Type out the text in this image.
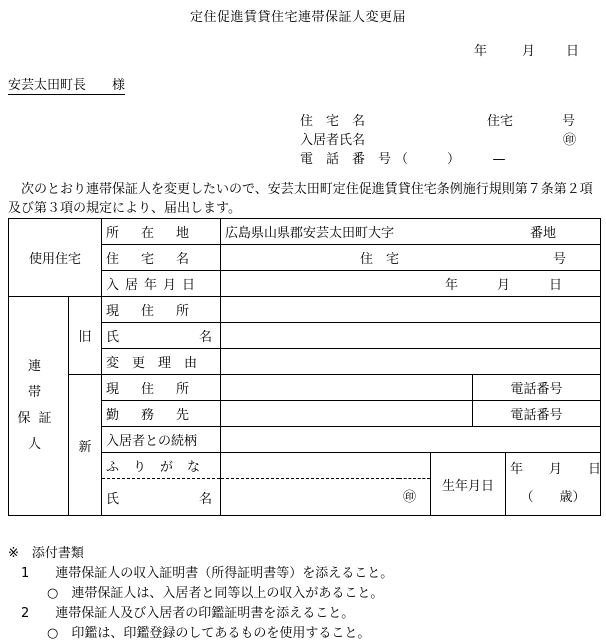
定住促進賃貸住宅連帯保証人変更届
年	月 日
安芸太田町長　　様
住　宅　名	住宅	号
入居者氏名	㊞
電　話　番　号 （　　　）　　　—
　次のとおり連帯保証人を変更したいので、安芸太田町定住促進賃貸住宅条例施行規則第７条第２項及び第３項の規定により、届出します。
使用住宅		所在地	広島県山県郡安芸太田町大字 番地				

		住宅名	住　宅 号				

		入居年月日	年　　　月　　　日				

連　帯
保証人	旧	現住所					

		氏名					

		変更理由					

	新	現住所			電話番号		

		勤務先			電話番号		
		入居者との続柄					

		ふりがな		生年月日		年　　月　　日
（　　歳）	

		氏名	㊞				
※　添付書類
　1　　連帯保証人の収入証明書（所得証明書等）を添えること。
　　　○　連帯保証人は、入居者と同等以上の収入があること。
　2　　連帯保証人及び入居者の印鑑証明書を添えること。
　　　○　印鑑は、印鑑登録のしてあるものを使用すること。
